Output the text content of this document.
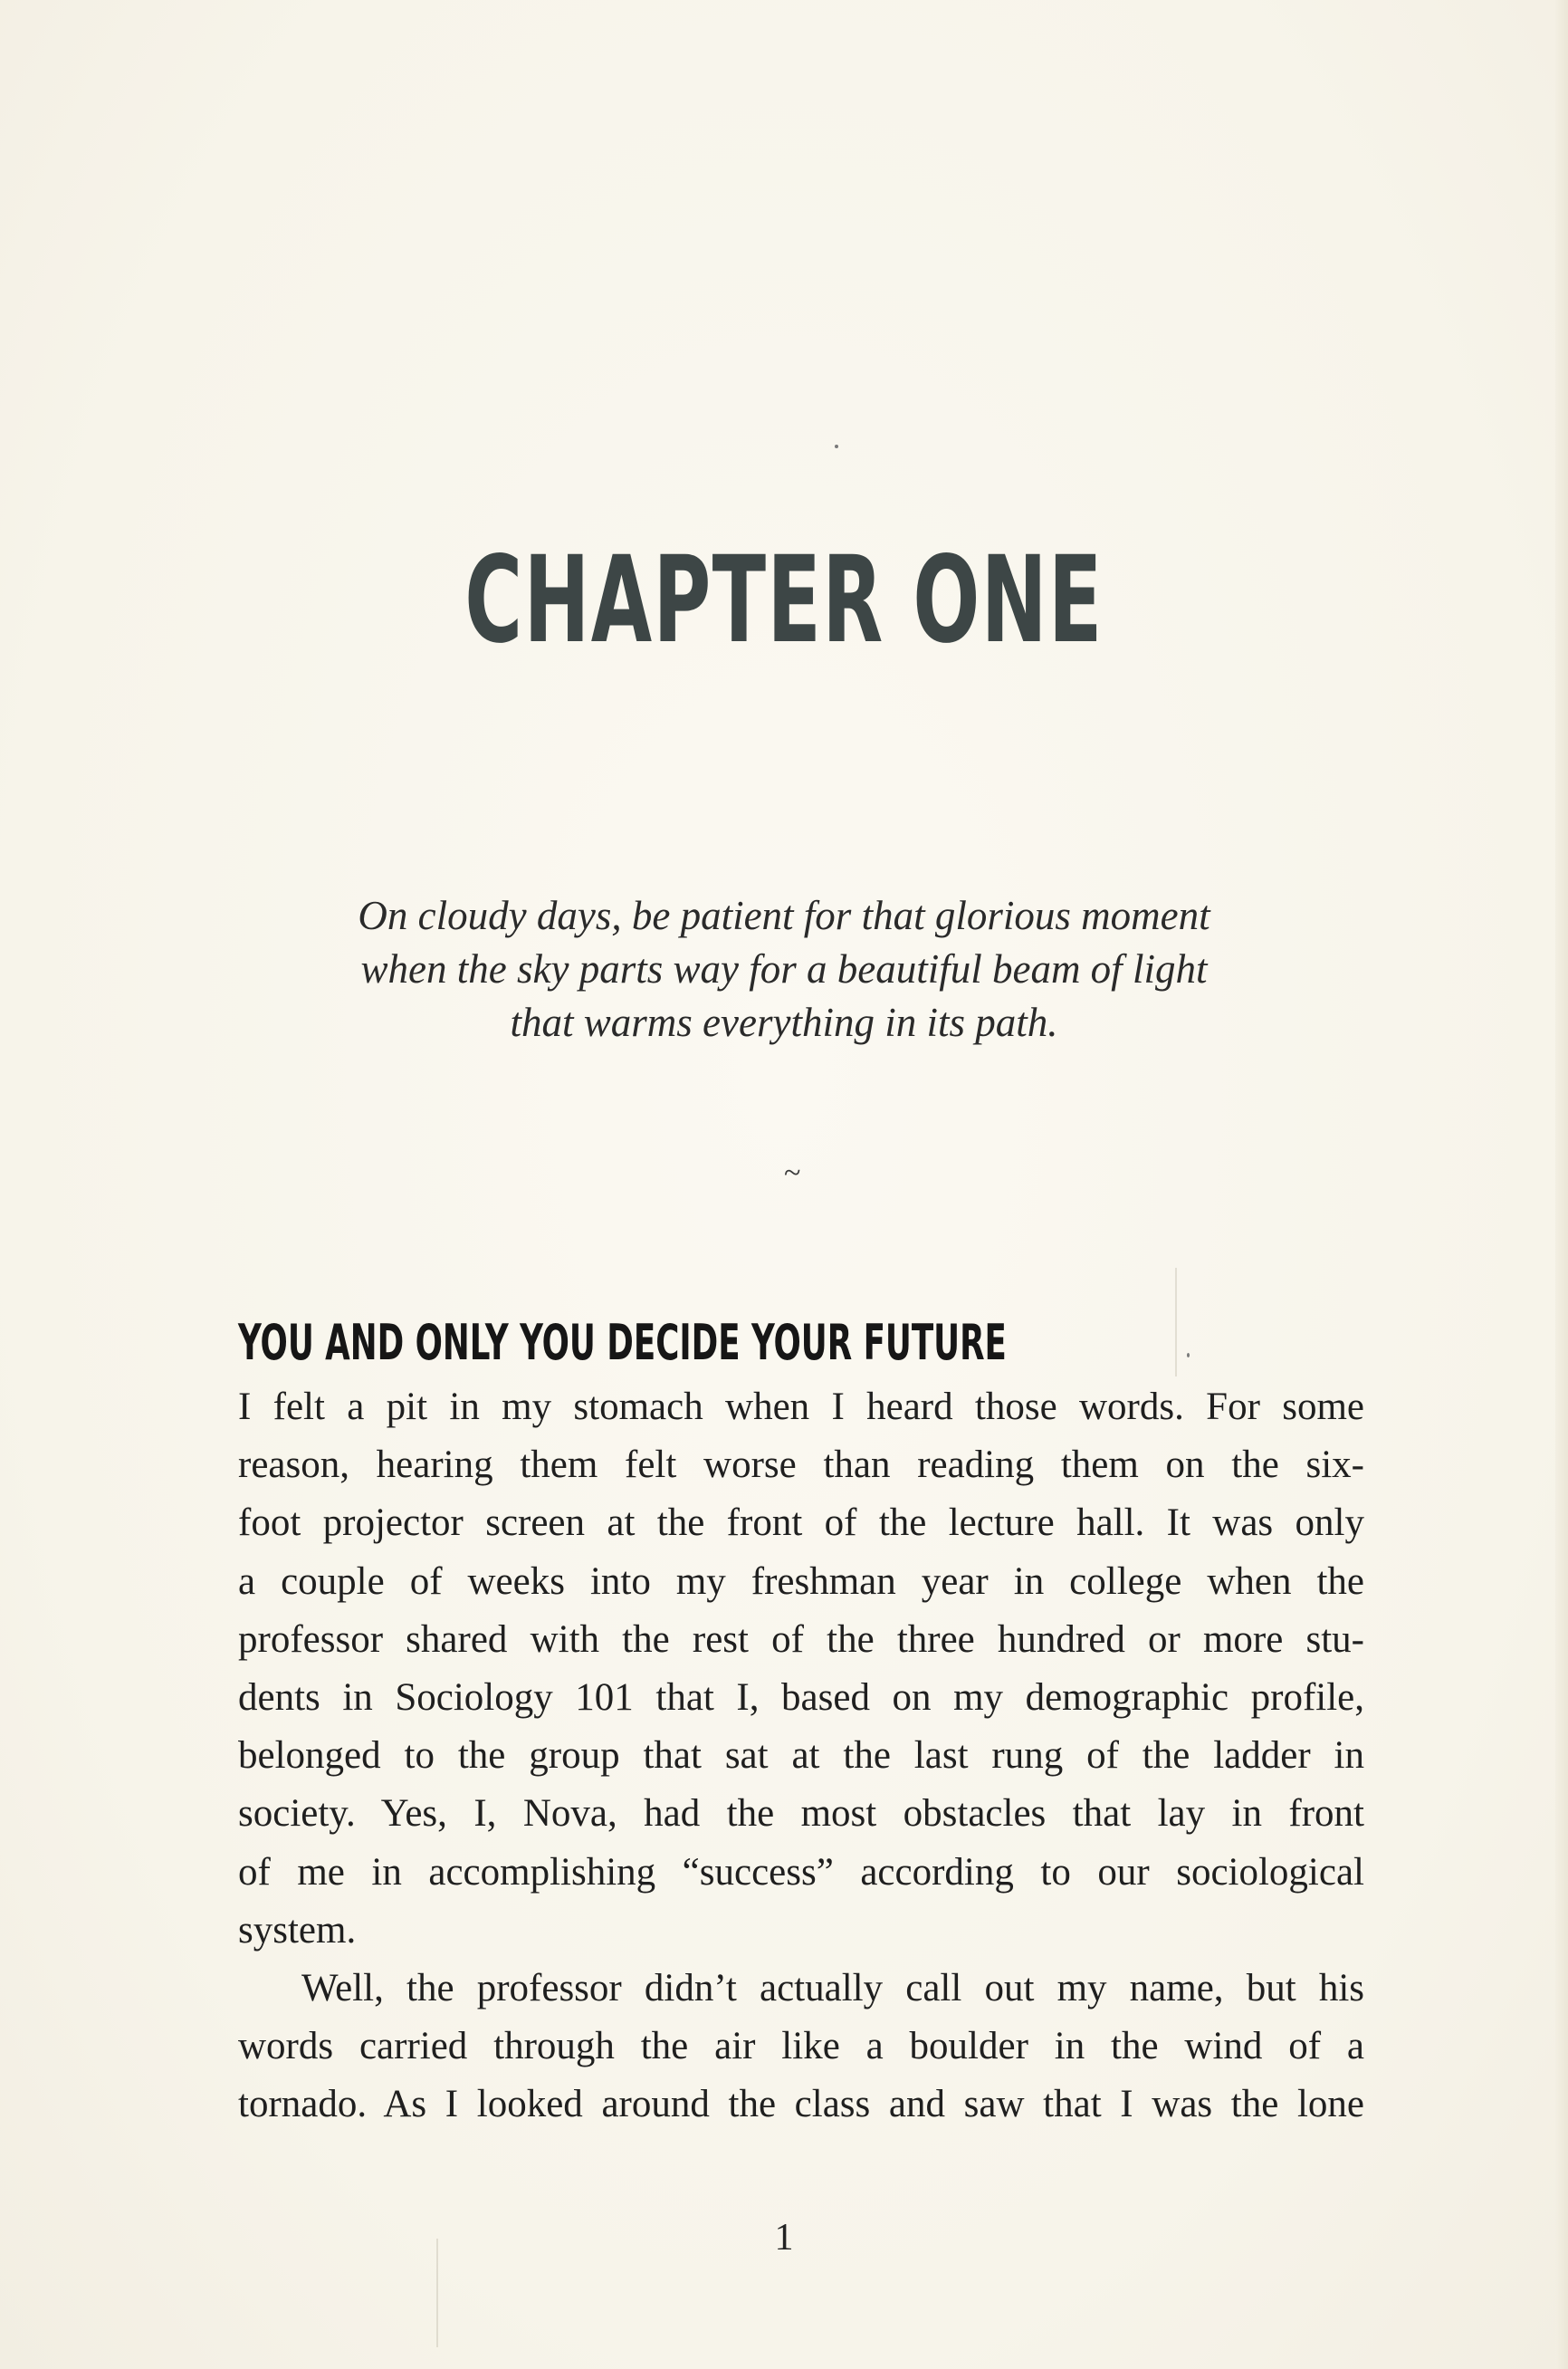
CHAPTER ONE
On cloudy days, be patient for that glorious moment
when the sky parts way for a beautiful beam of light
that warms everything in its path.
~
YOU AND ONLY YOU DECIDE YOUR FUTURE
I felt a pit in my stomach when I heard those words. For some
reason, hearing them felt worse than reading them on the six-
foot projector screen at the front of the lecture hall. It was only
a couple of weeks into my freshman year in college when the
professor shared with the rest of the three hundred or more stu-
dents in Sociology 101 that I, based on my demographic profile,
belonged to the group that sat at the last rung of the ladder in
society. Yes, I, Nova, had the most obstacles that lay in front
of me in accomplishing “success” according to our sociological
system.
Well, the professor didn’t actually call out my name, but his
words carried through the air like a boulder in the wind of a
tornado. As I looked around the class and saw that I was the lone
1
